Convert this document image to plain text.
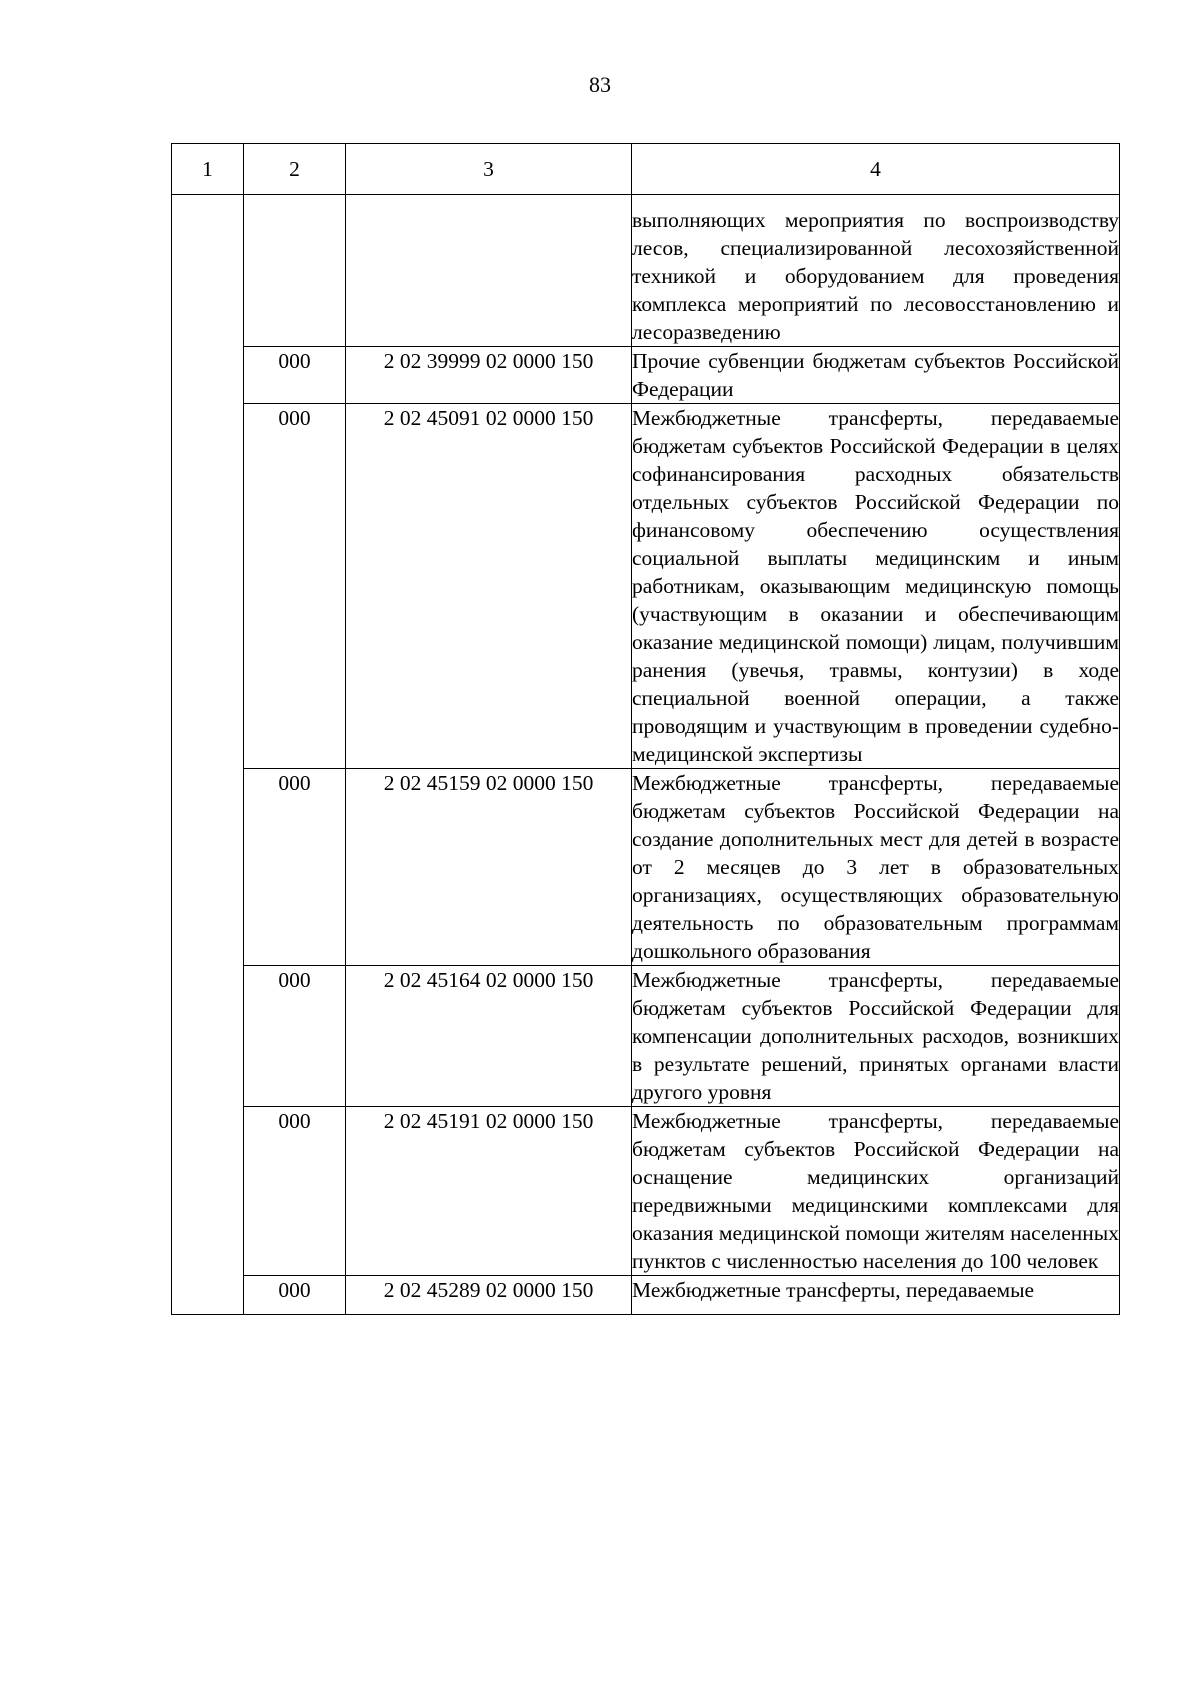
83
1	2	3	4

			выполняющих мероприятия по воспроизводству лесов, специализированной лесохозяйственной техникой и оборудованием для проведения комплекса мероприятий по лесовосстановлению и лесоразведению

	000	2 02 39999 02 0000 150	Прочие субвенции бюджетам субъектов Российской Федерации

	000	2 02 45091 02 0000 150	Межбюджетные трансферты, передаваемые бюджетам субъектов Российской Федерации в целях софинансирования расходных обязательств отдельных субъектов Российской Федерации по финансовому обеспечению осуществления социальной выплаты медицинским и иным работникам, оказывающим медицинскую помощь (участвующим в оказании и обеспечивающим оказание медицинской помощи) лицам, получившим ранения (увечья, травмы, контузии) в ходе специальной военной операции, а также проводящим и участвующим в проведении судебно-медицинской экспертизы

	000	2 02 45159 02 0000 150	Межбюджетные трансферты, передаваемые бюджетам субъектов Российской Федерации на создание дополнительных мест для детей в возрасте от 2 месяцев до 3 лет в образовательных организациях, осуществляющих образовательную деятельность по образовательным программам дошкольного образования

	000	2 02 45164 02 0000 150	Межбюджетные трансферты, передаваемые бюджетам субъектов Российской Федерации для компенсации дополнительных расходов, возникших в результате решений, принятых органами власти другого уровня

	000	2 02 45191 02 0000 150	Межбюджетные трансферты, передаваемые бюджетам субъектов Российской Федерации на оснащение медицинских организаций передвижными медицинскими комплексами для оказания медицинской помощи жителям населенных пунктов с численностью населения до 100 человек

	000	2 02 45289 02 0000 150	Межбюджетные трансферты, передаваемые
